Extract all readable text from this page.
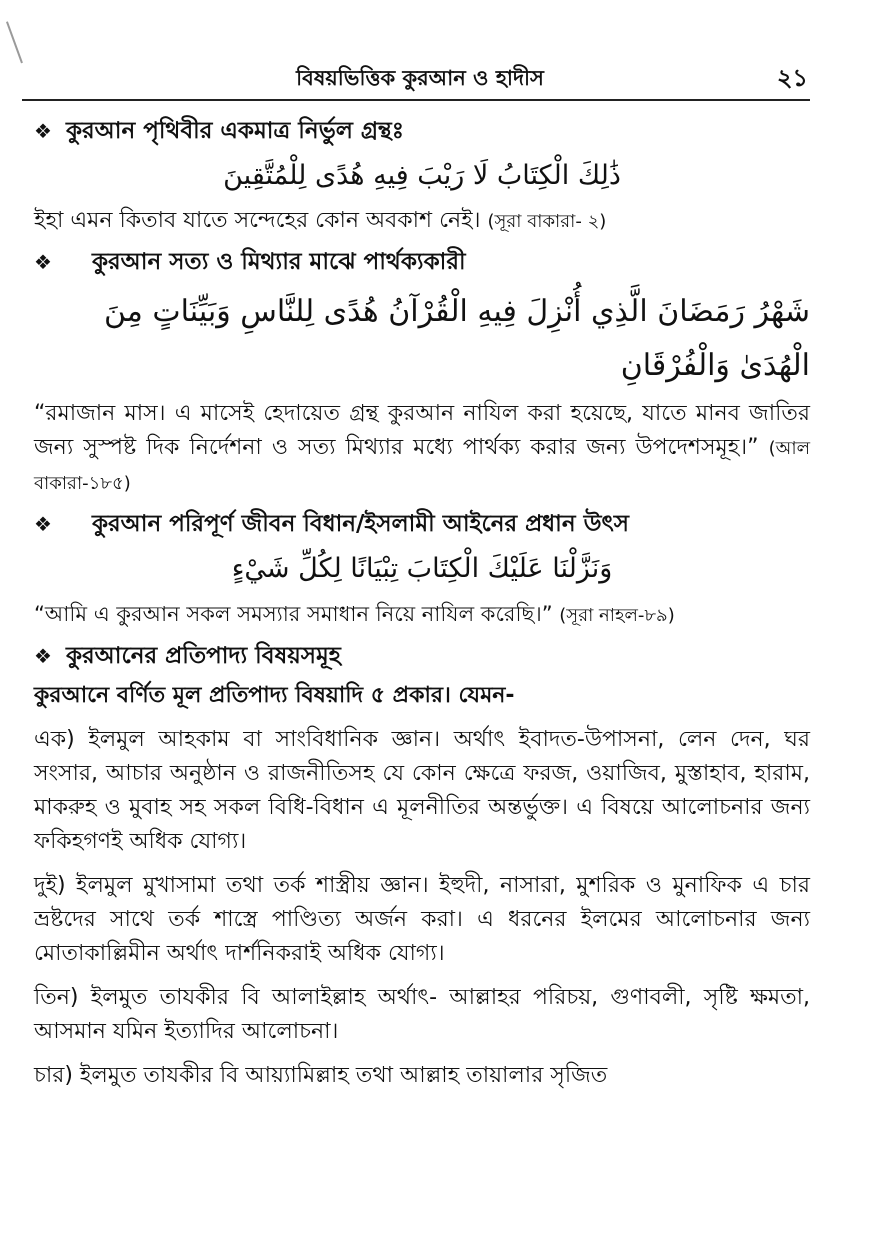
বিষয়ভিত্তিক কুরআন ও হাদীস	২১
❖ কুরআন পৃথিবীর একমাত্র নির্ভুল গ্রন্থঃ
ذَٰلِكَ الْكِتَابُ لَا رَيْبَ فِيهِ هُدًى لِلْمُتَّقِينَ
ইহা এমন কিতাব যাতে সন্দেহের কোন অবকাশ নেই। (সূরা বাকারা- ২)
❖ কুরআন সত্য ও মিথ্যার মাঝে পার্থক্যকারী
شَهْرُ رَمَضَانَ الَّذِي أُنْزِلَ فِيهِ الْقُرْآنُ هُدًى لِلنَّاسِ وَبَيِّنَاتٍ مِنَ الْهُدَىٰ وَالْفُرْقَانِ
“রমাজান মাস। এ মাসেই হেদায়েত গ্রন্থ কুরআন নাযিল করা হয়েছে, যাতে মানব জাতির জন্য সুস্পষ্ট দিক নির্দেশনা ও সত্য মিথ্যার মধ্যে পার্থক্য করার জন্য উপদেশসমূহ।” (আল বাকারা-১৮৫)
❖ কুরআন পরিপূর্ণ জীবন বিধান/ইসলামী আইনের প্রধান উৎস
وَنَزَّلْنَا عَلَيْكَ الْكِتَابَ تِبْيَانًا لِكُلِّ شَيْءٍ
“আমি এ কুরআন সকল সমস্যার সমাধান নিয়ে নাযিল করেছি।” (সূরা নাহল-৮৯)
❖ কুরআনের প্রতিপাদ্য বিষয়সমূহ
কুরআনে বর্ণিত মূল প্রতিপাদ্য বিষয়াদি ৫ প্রকার। যেমন-
এক) ইলমুল আহকাম বা সাংবিধানিক জ্ঞান। অর্থাৎ ইবাদত-উপাসনা, লেন দেন, ঘর সংসার, আচার অনুষ্ঠান ও রাজনীতিসহ যে কোন ক্ষেত্রে ফরজ, ওয়াজিব, মুস্তাহাব, হারাম, মাকরুহ ও মুবাহ সহ সকল বিধি-বিধান এ মূলনীতির অন্তর্ভুক্ত। এ বিষয়ে আলোচনার জন্য ফকিহগণই অধিক যোগ্য।
দুই) ইলমুল মুখাসামা তথা তর্ক শাস্ত্রীয় জ্ঞান। ইহুদী, নাসারা, মুশরিক ও মুনাফিক এ চার ভ্রষ্টদের সাথে তর্ক শাস্ত্রে পাণ্ডিত্য অর্জন করা। এ ধরনের ইলমের আলোচনার জন্য মোতাকাল্লিমীন অর্থাৎ দার্শনিকরাই অধিক যোগ্য।
তিন) ইলমুত তাযকীর বি আলাইল্লাহ অর্থাৎ- আল্লাহর পরিচয়, গুণাবলী, সৃষ্টি ক্ষমতা, আসমান যমিন ইত্যাদির আলোচনা।
চার) ইলমুত তাযকীর বি আয়্যামিল্লাহ তথা আল্লাহ তায়ালার সৃজিত
